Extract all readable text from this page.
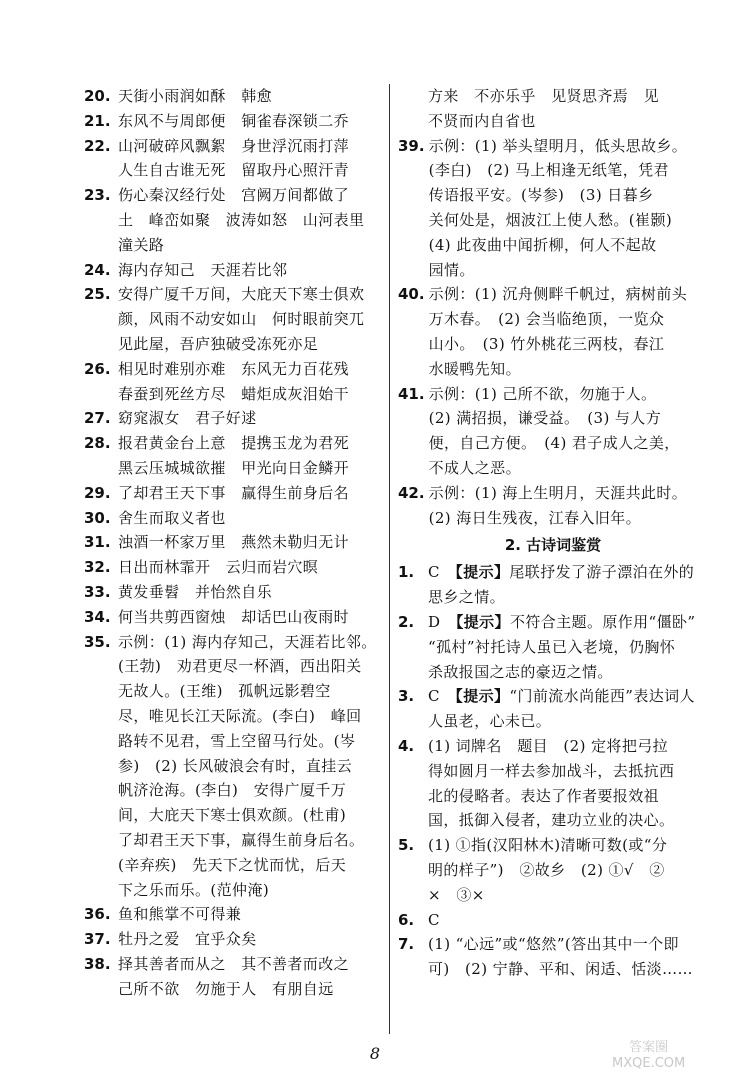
20. 天街小雨润如酥　韩愈
21. 东风不与周郎便　铜雀春深锁二乔
22. 山河破碎风飘絮　身世浮沉雨打萍
人生自古谁无死　留取丹心照汗青
23. 伤心秦汉经行处　宫阙万间都做了
土　峰峦如聚　波涛如怒　山河表里
潼关路
24. 海内存知己　天涯若比邻
25. 安得广厦千万间，大庇天下寒士俱欢
颜，风雨不动安如山　何时眼前突兀
见此屋，吾庐独破受冻死亦足
26. 相见时难别亦难　东风无力百花残
春蚕到死丝方尽　蜡炬成灰泪始干
27. 窈窕淑女　君子好逑
28. 报君黄金台上意　提携玉龙为君死
黑云压城城欲摧　甲光向日金鳞开
29. 了却君王天下事　赢得生前身后名
30. 舍生而取义者也
31. 浊酒一杯家万里　燕然未勒归无计
32. 日出而林霏开　云归而岩穴暝
33. 黄发垂髫　并怡然自乐
34. 何当共剪西窗烛　却话巴山夜雨时
35. 示例：(1) 海内存知己，天涯若比邻。
(王勃)　劝君更尽一杯酒，西出阳关
无故人。(王维)　孤帆远影碧空
尽，唯见长江天际流。(李白)　峰回
路转不见君，雪上空留马行处。(岑
参)　(2) 长风破浪会有时，直挂云
帆济沧海。(李白)　安得广厦千万
间，大庇天下寒士俱欢颜。(杜甫)
了却君王天下事，赢得生前身后名。
(辛弃疾)　先天下之忧而忧，后天
下之乐而乐。(范仲淹)
36. 鱼和熊掌不可得兼
37. 牡丹之爱　宜乎众矣
38. 择其善者而从之　其不善者而改之
己所不欲　勿施于人　有朋自远
方来　不亦乐乎　见贤思齐焉　见
不贤而内自省也
39. 示例：(1) 举头望明月，低头思故乡。
(李白)　(2) 马上相逢无纸笔，凭君
传语报平安。(岑参)　(3) 日暮乡
关何处是，烟波江上使人愁。(崔颢)
(4) 此夜曲中闻折柳，何人不起故
园情。
40. 示例：(1) 沉舟侧畔千帆过，病树前头
万木春。　(2) 会当临绝顶，一览众
山小。　(3) 竹外桃花三两枝，春江
水暖鸭先知。
41. 示例：(1) 己所不欲，勿施于人。
(2) 满招损，谦受益。　(3) 与人方
便，自己方便。　(4) 君子成人之美，
不成人之恶。
42. 示例：(1) 海上生明月，天涯共此时。
(2) 海日生残夜，江春入旧年。
2. 古诗词鉴赏
1. C　 【提示】尾联抒发了游子漂泊在外的
思乡之情。
2. D　 【提示】不符合主题。原作用“僵卧”
“孤村”衬托诗人虽已入老境，仍胸怀
杀敌报国之志的豪迈之情。
3. C　 【提示】“门前流水尚能西”表达词人
人虽老，心未已。
4. (1) 词牌名　题目　(2) 定将把弓拉
得如圆月一样去参加战斗，去抵抗西
北的侵略者。表达了作者要报效祖
国，抵御入侵者，建功立业的决心。
5. (1) ①指(汉阳林木)清晰可数(或“分
明的样子”)　②故乡　(2) ①√　②
×　③×
6. C
7. (1) “心远”或“悠然”(答出其中一个即
可)　(2) 宁静、平和、闲适、恬淡……
8	答案圈
MXQE.COM
